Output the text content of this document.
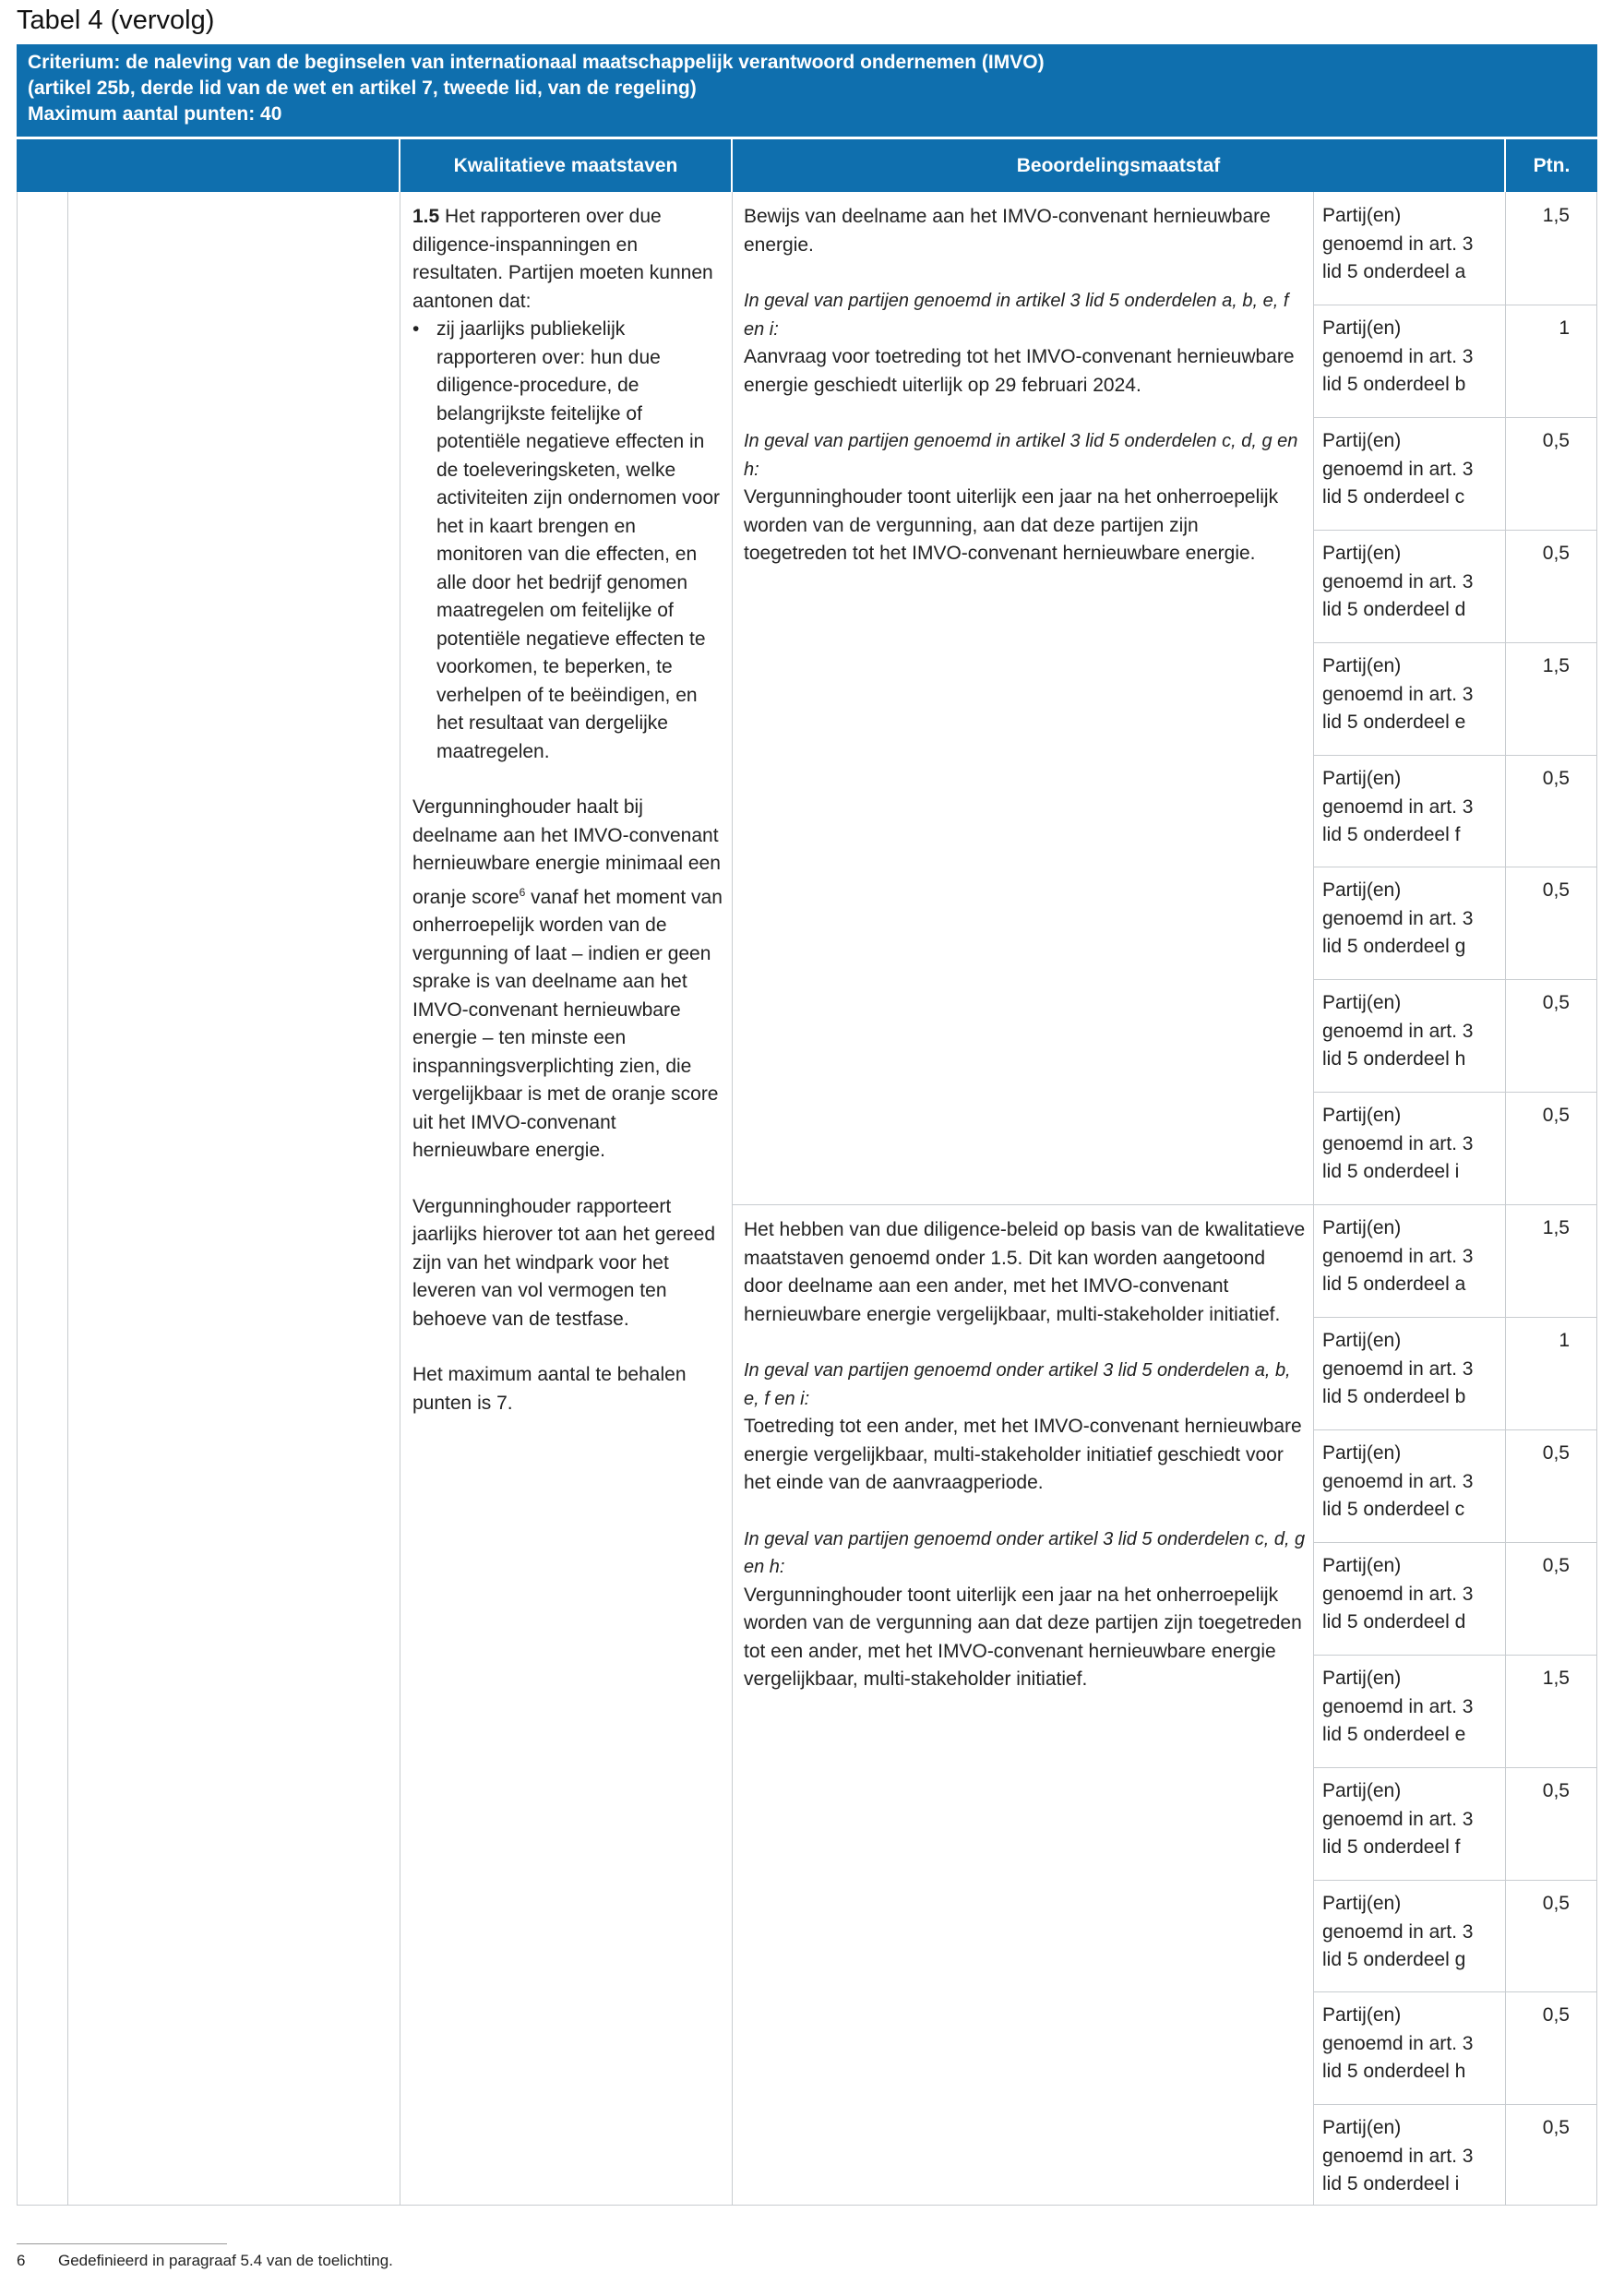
Tabel 4 (vervolg)
Criterium: de naleving van de beginselen van internationaal maatschappelijk verantwoord ondernemen (IMVO)
(artikel 25b, derde lid van de wet en artikel 7, tweede lid, van de regeling)
Maximum aantal punten: 40
Kwalitatieve maatstaven	Beoordelingsmaatstaf	Ptn.
1.5 Het rapporteren over due diligence-inspanningen en resultaten. Partijen moeten kunnen aantonen dat:
• zij jaarlijks publiekelijk rapporteren over: hun due diligence-procedure, de belangrijkste feitelijke of potentiële negatieve effecten in de toeleveringsketen, welke activiteiten zijn ondernomen voor het in kaart brengen en monitoren van die effecten, en alle door het bedrijf genomen maatregelen om feitelijke of potentiële negatieve effecten te voorkomen, te beperken, te verhelpen of te beëindigen, en het resultaat van dergelijke maatregelen.
Vergunninghouder haalt bij deelname aan het IMVO-convenant hernieuwbare energie minimaal een oranje score$^6$ vanaf het moment van onherroepelijk worden van de vergunning of laat – indien er geen sprake is van deelname aan het IMVO-convenant hernieuwbare energie – ten minste een inspanningsverplichting zien, die vergelijkbaar is met de oranje score uit het IMVO-convenant hernieuwbare energie.
Vergunninghouder rapporteert jaarlijks hierover tot aan het gereed zijn van het windpark voor het leveren van vol vermogen ten behoeve van de testfase.
Het maximum aantal te behalen punten is 7.
Bewijs van deelname aan het IMVO-convenant hernieuwbare energie.
In geval van partijen genoemd in artikel 3 lid 5 onderdelen a, b, e, f en i:
Aanvraag voor toetreding tot het IMVO-convenant hernieuwbare energie geschiedt uiterlijk op 29 februari 2024.
In geval van partijen genoemd in artikel 3 lid 5 onderdelen c, d, g en h:
Vergunninghouder toont uiterlijk een jaar na het onherroepelijk worden van de vergunning, aan dat deze partijen zijn toegetreden tot het IMVO-convenant hernieuwbare energie.
Het hebben van due diligence-beleid op basis van de kwalitatieve maatstaven genoemd onder 1.5. Dit kan worden aangetoond door deelname aan een ander, met het IMVO-convenant hernieuwbare energie vergelijkbaar, multi-stakeholder initiatief.
In geval van partijen genoemd onder artikel 3 lid 5 onderdelen a, b, e, f en i:
Toetreding tot een ander, met het IMVO-convenant hernieuwbare energie vergelijkbaar, multi-stakeholder initiatief geschiedt voor het einde van de aanvraagperiode.
In geval van partijen genoemd onder artikel 3 lid 5 onderdelen c, d, g en h:
Vergunninghouder toont uiterlijk een jaar na het onherroepelijk worden van de vergunning aan dat deze partijen zijn toegetreden tot een ander, met het IMVO-convenant hernieuwbare energie vergelijkbaar, multi-stakeholder initiatief.
Partij(en)
genoemd in art. 3
lid 5 onderdeel a
1,5
Partij(en)
genoemd in art. 3
lid 5 onderdeel b
1
Partij(en)
genoemd in art. 3
lid 5 onderdeel c
0,5
Partij(en)
genoemd in art. 3
lid 5 onderdeel d
0,5
Partij(en)
genoemd in art. 3
lid 5 onderdeel e
1,5
Partij(en)
genoemd in art. 3
lid 5 onderdeel f
0,5
Partij(en)
genoemd in art. 3
lid 5 onderdeel g
0,5
Partij(en)
genoemd in art. 3
lid 5 onderdeel h
0,5
Partij(en)
genoemd in art. 3
lid 5 onderdeel i
0,5
Partij(en)
genoemd in art. 3
lid 5 onderdeel a
1,5
Partij(en)
genoemd in art. 3
lid 5 onderdeel b
1
Partij(en)
genoemd in art. 3
lid 5 onderdeel c
0,5
Partij(en)
genoemd in art. 3
lid 5 onderdeel d
0,5
Partij(en)
genoemd in art. 3
lid 5 onderdeel e
1,5
Partij(en)
genoemd in art. 3
lid 5 onderdeel f
0,5
Partij(en)
genoemd in art. 3
lid 5 onderdeel g
0,5
Partij(en)
genoemd in art. 3
lid 5 onderdeel h
0,5
Partij(en)
genoemd in art. 3
lid 5 onderdeel i
0,5
6 Gedefinieerd in paragraaf 5.4 van de toelichting.
